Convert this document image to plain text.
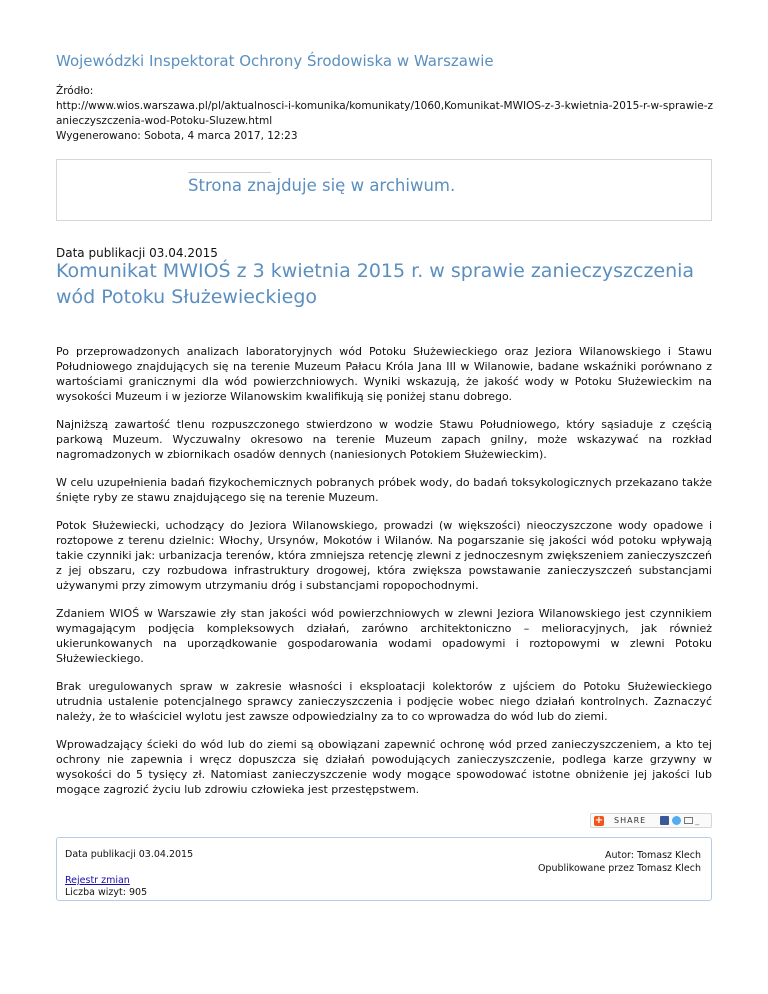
Wojewódzki Inspektorat Ochrony Środowiska w Warszawie
Źródło:
http://www.wios.warszawa.pl/pl/aktualnosci-i-komunika/komunikaty/1060,Komunikat-MWIOS-z-3-kwietnia-2015-r-w-sprawie-zanieczyszczenia-wod-Potoku-Sluzew.html
Wygenerowano: Sobota, 4 marca 2017, 12:23
Strona znajduje się w archiwum.
Data publikacji 03.04.2015
Komunikat MWIOŚ z 3 kwietnia 2015 r. w sprawie zanieczyszczenia wód Potoku Służewieckiego

Po przeprowadzonych analizach laboratoryjnych wód Potoku Służewieckiego oraz Jeziora Wilanowskiego i Stawu Południowego znajdujących się na terenie Muzeum Pałacu Króla Jana III w Wilanowie, badane wskaźniki porównano z wartościami granicznymi dla wód powierzchniowych. Wyniki wskazują, że jakość wody w Potoku Służewieckim na wysokości Muzeum i w jeziorze Wilanowskim kwalifikują się poniżej stanu dobrego.

Najniższą zawartość tlenu rozpuszczonego stwierdzono w wodzie Stawu Południowego, który sąsiaduje z częścią parkową Muzeum. Wyczuwalny okresowo na terenie Muzeum zapach gnilny, może wskazywać na rozkład nagromadzonych w zbiornikach osadów dennych (naniesionych Potokiem Służewieckim).

W celu uzupełnienia badań fizykochemicznych pobranych próbek wody, do badań toksykologicznych przekazano także śnięte ryby ze stawu znajdującego się na terenie Muzeum.

Potok Służewiecki, uchodzący do Jeziora Wilanowskiego, prowadzi (w większości) nieoczyszczone wody opadowe i roztopowe z terenu dzielnic: Włochy, Ursynów, Mokotów i Wilanów. Na pogarszanie się jakości wód potoku wpływają takie czynniki jak: urbanizacja terenów, która zmniejsza retencję zlewni z jednoczesnym zwiększeniem zanieczyszczeń z jej obszaru, czy rozbudowa infrastruktury drogowej, która zwiększa powstawanie zanieczyszczeń substancjami używanymi przy zimowym utrzymaniu dróg i substancjami ropopochodnymi.

Zdaniem WIOŚ w Warszawie zły stan jakości wód powierzchniowych w zlewni Jeziora Wilanowskiego jest czynnikiem wymagającym podjęcia kompleksowych działań, zarówno architektoniczno – melioracyjnych, jak również ukierunkowanych na uporządkowanie gospodarowania wodami opadowymi i roztopowymi w zlewni Potoku Służewieckiego.

Brak uregulowanych spraw w zakresie własności i eksploatacji kolektorów z ujściem do Potoku Służewieckiego utrudnia ustalenie potencjalnego sprawcy zanieczyszczenia i podjęcie wobec niego działań kontrolnych. Zaznaczyć należy, że to właściciel wylotu jest zawsze odpowiedzialny za to co wprowadza do wód lub do ziemi.

Wprowadzający ścieki do wód lub do ziemi są obowiązani zapewnić ochronę wód przed zanieczyszczeniem, a kto tej ochrony nie zapewnia i wręcz dopuszcza się działań powodujących zanieczyszczenie, podlega karze grzywny w wysokości do 5 tysięcy zł. Natomiast zanieczyszczenie wody mogące spowodować istotne obniżenie jej jakości lub mogące zagrozić życiu lub zdrowiu człowieka jest przestępstwem.

+ SHARE	_
Data publikacji 03.04.2015	Autor: Tomasz Klech
Opublikowane przez Tomasz Klech
Rejestr zmian
Liczba wizyt: 905
